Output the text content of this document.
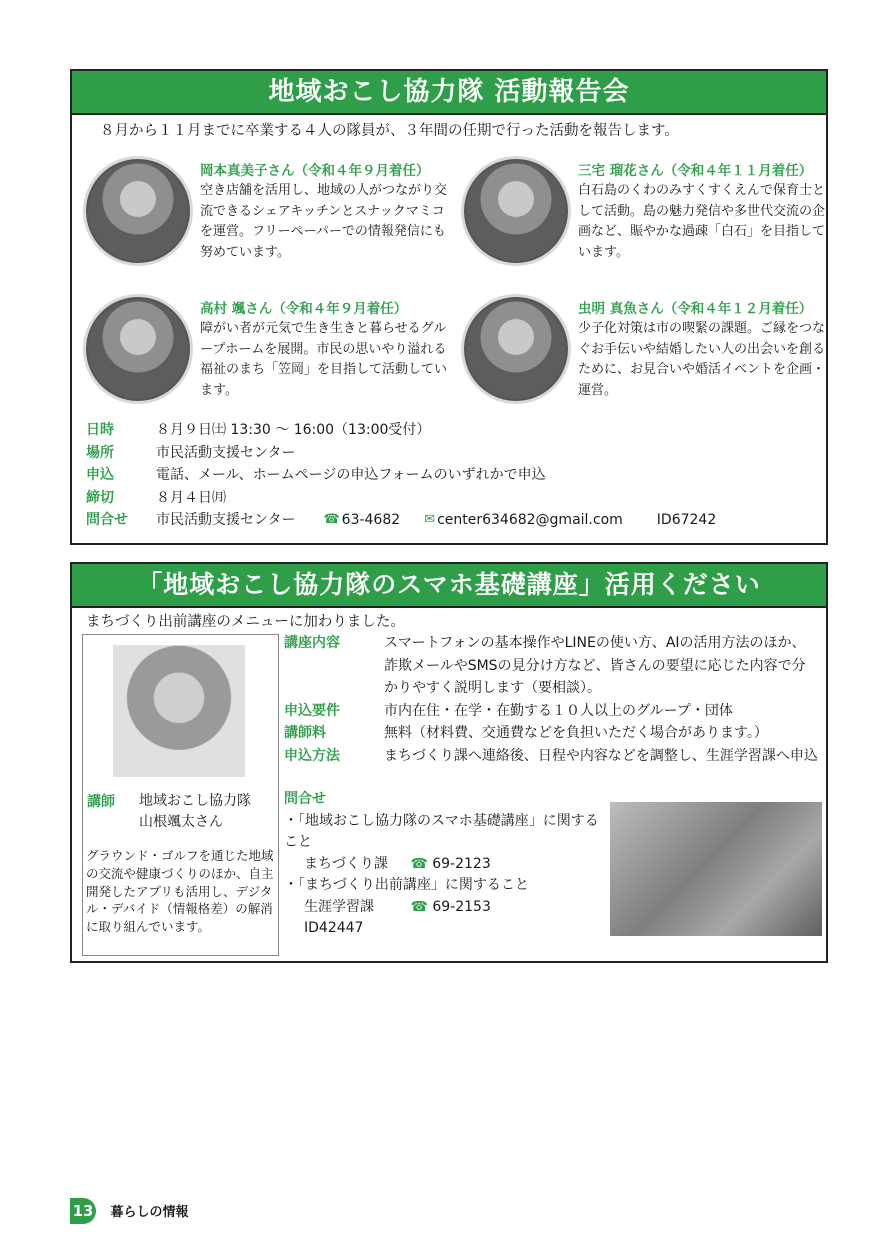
地域おこし協力隊 活動報告会
８月から１１月までに卒業する４人の隊員が、３年間の任期で行った活動を報告します。
岡本真美子さん（令和４年９月着任）
空き店舗を活用し、地域の人がつながり交流できるシェアキッチンとスナックマミコを運営。フリーペーパーでの情報発信にも努めています。
三宅 瑠花さん（令和４年１１月着任）
白石島のくわのみすくすくえんで保育士として活動。島の魅力発信や多世代交流の企画など、賑やかな過疎「白石」を目指しています。
高村 颯さん（令和４年９月着任）
障がい者が元気で生き生きと暮らせるグループホームを展開。市民の思いやり溢れる福祉のまち「笠岡」を目指して活動しています。
虫明 真魚さん（令和４年１２月着任）
少子化対策は市の喫緊の課題。ご縁をつなぐお手伝いや結婚したい人の出会いを創るために、お見合いや婚活イベントを企画・運営。
日時	８月９日㈯ 13:30 〜 16:00（13:00受付）
場所	市民活動支援センター
申込	電話、メール、ホームページの申込フォームのいずれかで申込
締切	８月４日㈪
問合せ	市民活動支援センター ☎ 63-4682 ✉ center634682@gmail.com ID67242
「地域おこし協力隊のスマホ基礎講座」活用ください
まちづくり出前講座のメニューに加わりました。
講師 地域おこし協力隊
山根颯太さん
グラウンド・ゴルフを通じた地域の交流や健康づくりのほか、自主開発したアプリも活用し、デジタル・デバイド（情報格差）の解消に取り組んでいます。
講座内容	スマートフォンの基本操作やLINEの使い方、AIの活用方法のほか、詐欺メールやSMSの見分け方など、皆さんの要望に応じた内容で分かりやすく説明します（要相談）。
申込要件	市内在住・在学・在勤する１０人以上のグループ・団体
講師料	無料（材料費、交通費などを負担いただく場合があります。）
申込方法	まちづくり課へ連絡後、日程や内容などを調整し、生涯学習課へ申込
問合せ
・「地域おこし協力隊のスマホ基礎講座」に関すること
まちづくり課 ☎ 69-2123
・「まちづくり出前講座」に関すること
生涯学習課	☎ 69-2153
ID42447
13 暮らしの情報
